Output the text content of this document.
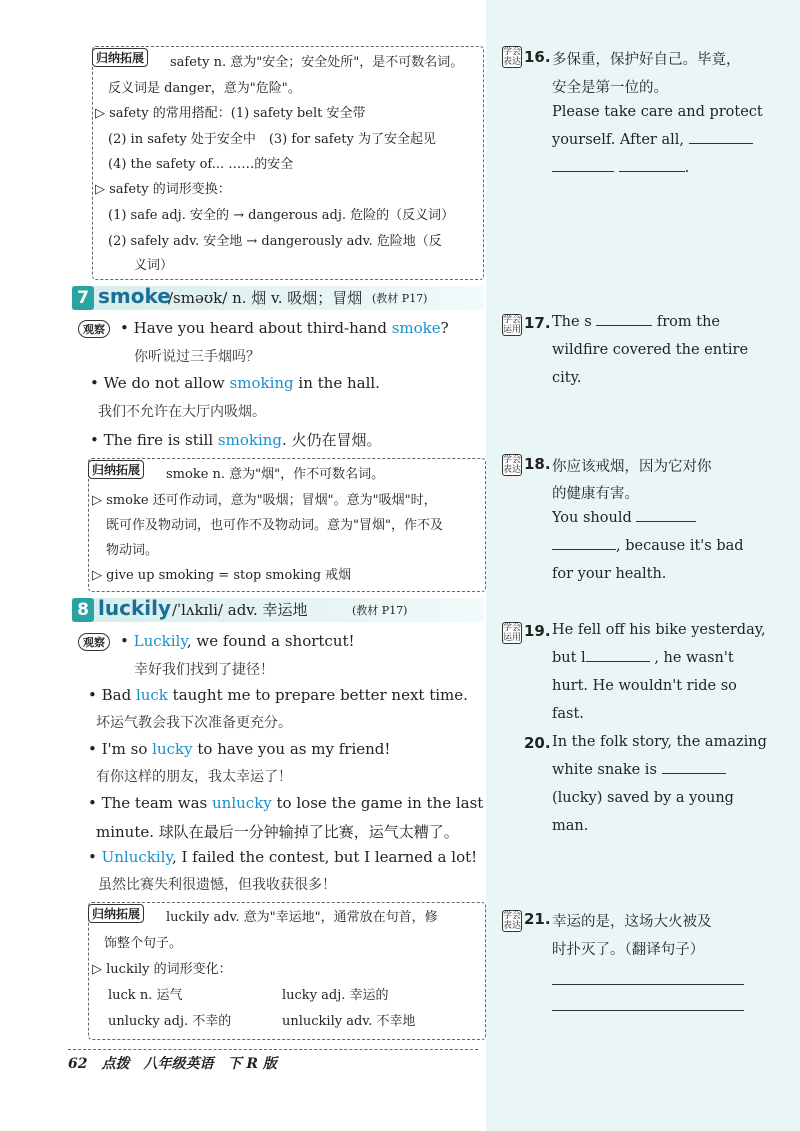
归纳拓展	safety n. 意为"安全；安全处所"，是不可数名词。
反义词是 danger，意为"危险"。
▷ safety 的常用搭配：(1) safety belt 安全带
(2) in safety 处于安全中　(3) for safety 为了安全起见
(4) the safety of... ……的安全
▷ safety 的词形变换：
(1) safe adj. 安全的 → dangerous adj. 危险的（反义词）
(2) safely adv. 安全地 → dangerously adv. 危险地（反
义词）
7 smoke
/sməʊk/ n. 烟 v. 吸烟；冒烟 (教材 P17)
观察	• Have you heard about third-hand smoke?
你听说过三手烟吗？
• We do not allow smoking in the hall.
我们不允许在大厅内吸烟。
• The fire is still smoking. 火仍在冒烟。
归纳拓展	smoke n. 意为"烟"，作不可数名词。
▷ smoke 还可作动词，意为"吸烟；冒烟"。意为"吸烟"时，
既可作及物动词，也可作不及物动词。意为"冒烟"，作不及
物动词。
▷ give up smoking = stop smoking 戒烟
8 luckily /ˈlʌkɪli/ adv. 幸运地	(教材 P17)
观察	• Luckily, we found a shortcut!
幸好我们找到了捷径！
• Bad luck taught me to prepare better next time.
坏运气教会我下次准备更充分。
• I'm so lucky to have you as my friend!
有你这样的朋友，我太幸运了！
• The team was unlucky to lose the game in the last
minute. 球队在最后一分钟输掉了比赛，运气太糟了。
• Unluckily, I failed the contest, but I learned a lot!
虽然比赛失利很遗憾，但我收获很多！
归纳拓展	luckily adv. 意为"幸运地"，通常放在句首，修
饰整个句子。
▷ luckily 的词形变化：
luck n. 运气	lucky adj. 幸运的
unlucky adj. 不幸的	unluckily adv. 不幸地
62　点拨　八年级英语　下 R 版
学会表达 16. 多保重，保护好自己。毕竟，
安全是第一位的。
Please take care and protect
yourself. After all,
.
学会运用 17. The s	from the
wildfire covered the entire
city.
学会表达 18. 你应该戒烟，因为它对你
的健康有害。
You should
, because it's bad
for your health.
学会运用 19. He fell off his bike yesterday,
but l	, he wasn't
hurt. He wouldn't ride so
fast.
20. In the folk story, the amazing
white snake is
(lucky) saved by a young
man.
学会表达 21. 幸运的是，这场大火被及
时扑灭了。（翻译句子）
